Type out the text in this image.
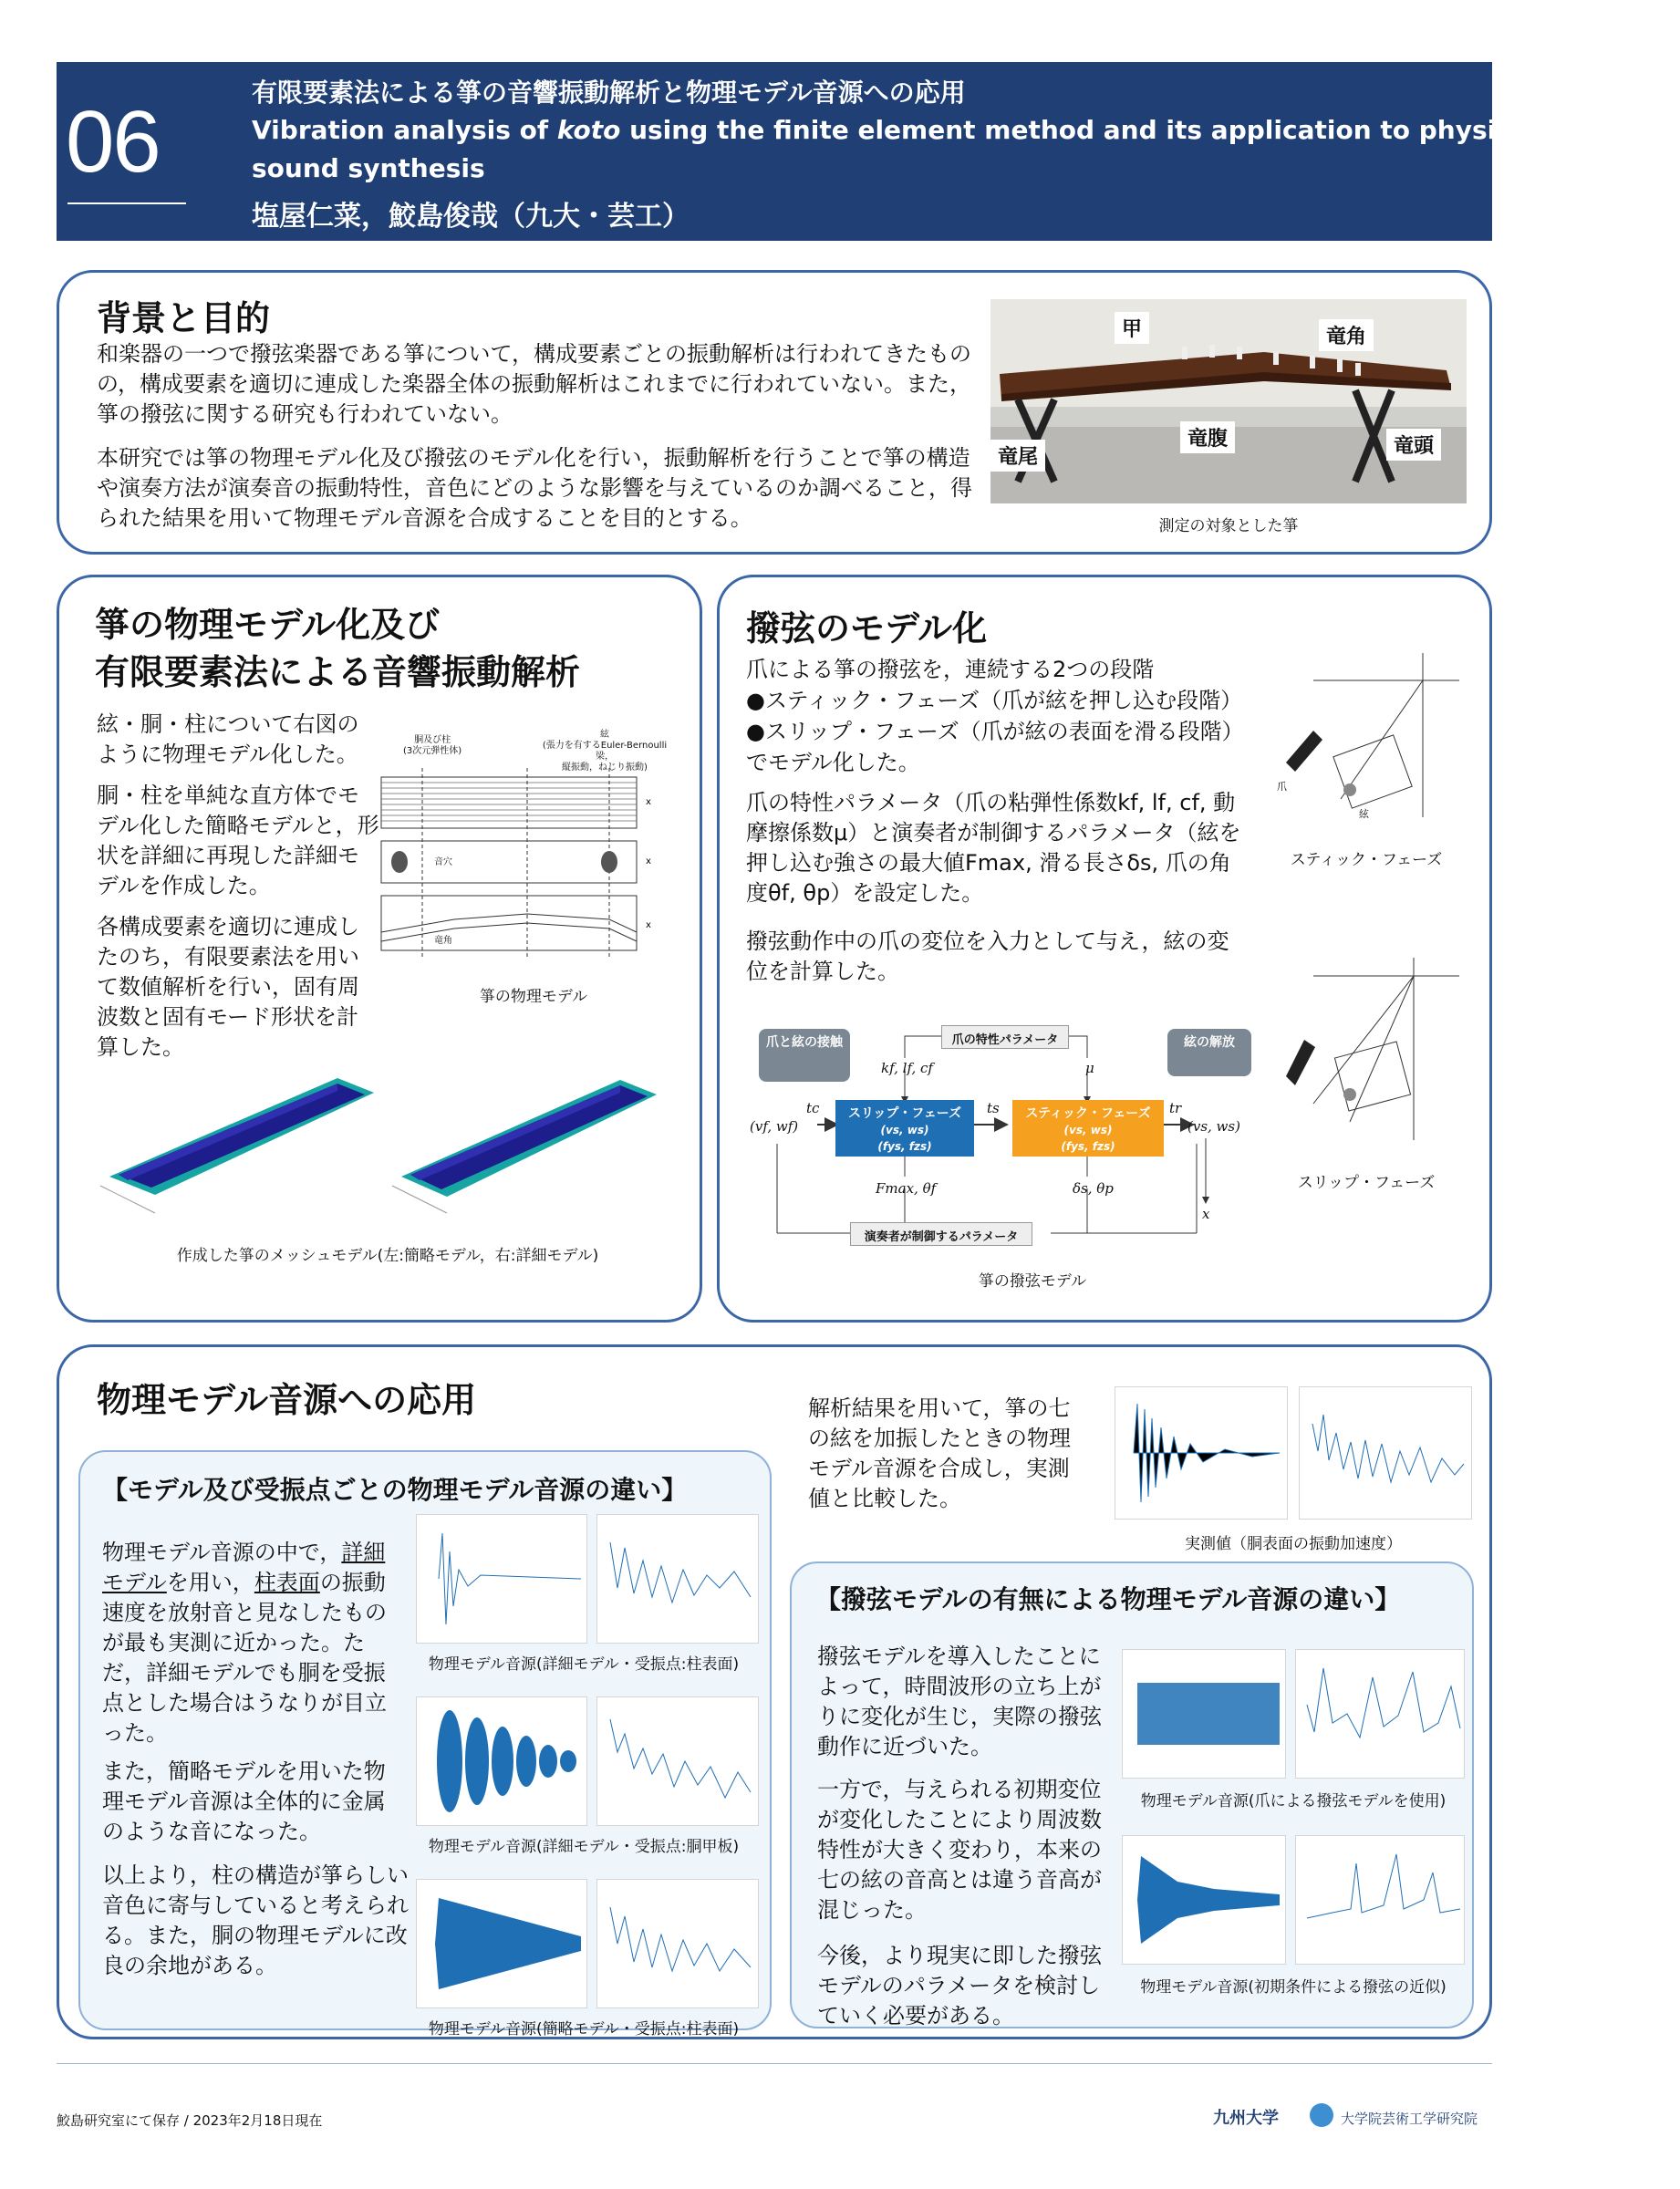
06
有限要素法による箏の音響振動解析と物理モデル音源への応用
Vibration analysis of koto using the finite element method and its application to physical modeling
sound synthesis
塩屋仁菜，鮫島俊哉（九大・芸工）
背景と目的
和楽器の一つで撥弦楽器である箏について，構成要素ごとの振動解析は行われてきたものの，構成要素を適切に連成した楽器全体の振動解析はこれまでに行われていない。また，箏の撥弦に関する研究も行われていない。
本研究では箏の物理モデル化及び撥弦のモデル化を行い，振動解析を行うことで箏の構造や演奏方法が演奏音の振動特性，音色にどのような影響を与えているのか調べること，得られた結果を用いて物理モデル音源を合成することを目的とする。
甲	竜角
竜腹
竜尾	竜頭
測定の対象とした箏
箏の物理モデル化及び
有限要素法による音響振動解析
絃・胴・柱について右図のように物理モデル化した。
胴・柱を単純な直方体でモデル化した簡略モデルと，形状を詳細に再現した詳細モデルを作成した。
各構成要素を適切に連成したのち，有限要素法を用いて数値解析を行い，固有周波数と固有モード形状を計算した。
x
x
x
胴及び柱
(3次元弾性体)
絃
(張力を有するEuler-Bernoulli梁，
縦振動，ねじり振動)
音穴
竜角
箏の物理モデル
作成した箏のメッシュモデル(左:簡略モデル，右:詳細モデル)
撥弦のモデル化
爪による箏の撥弦を，連続する2つの段階
●スティック・フェーズ（爪が絃を押し込む段階）
●スリップ・フェーズ（爪が絃の表面を滑る段階）
でモデル化した。
爪の特性パラメータ（爪の粘弾性係数kf, lf, cf, 動摩擦係数μ）と演奏者が制御するパラメータ（絃を押し込む強さの最大値Fmax, 滑る長さδs, 爪の角度θf, θp）を設定した。
撥弦動作中の爪の変位を入力として与え，絃の変位を計算した。
爪
絃
スティック・フェーズ
スリップ・フェーズ
爪と絃の接触	絃の解放
爪の特性パラメータ
演奏者が制御するパラメータ
スリップ・フェーズ
(vs, ws)
(fys, fzs)
スティック・フェーズ
(vs, ws)
(fys, fzs)
(vf, wf)	(vs, ws)
tc	ts	tr
kf, lf, cf	μ
Fmax, θf	δs, θp
x
箏の撥弦モデル
物理モデル音源への応用	解析結果を用いて，箏の七の絃を加振したときの物理モデル音源を合成し，実測値と比較した。
実測値（胴表面の振動加速度）
【モデル及び受振点ごとの物理モデル音源の違い】
物理モデル音源の中で，詳細モデルを用い，柱表面の振動速度を放射音と見なしたものが最も実測に近かった。ただ，詳細モデルでも胴を受振点とした場合はうなりが目立った。
また，簡略モデルを用いた物理モデル音源は全体的に金属のような音になった。
以上より，柱の構造が箏らしい音色に寄与していると考えられる。また，胴の物理モデルに改良の余地がある。
物理モデル音源(詳細モデル・受振点:柱表面)
物理モデル音源(詳細モデル・受振点:胴甲板)
物理モデル音源(簡略モデル・受振点:柱表面)
【撥弦モデルの有無による物理モデル音源の違い】
撥弦モデルを導入したことによって，時間波形の立ち上がりに変化が生じ，実際の撥弦動作に近づいた。
一方で，与えられる初期変位が変化したことにより周波数特性が大きく変わり，本来の七の絃の音高とは違う音高が混じった。
今後，より現実に即した撥弦モデルのパラメータを検討していく必要がある。
物理モデル音源(爪による撥弦モデルを使用)
物理モデル音源(初期条件による撥弦の近似)
鮫島研究室にて保存 / 2023年2月18日現在	九州大学	大学院芸術工学研究院
